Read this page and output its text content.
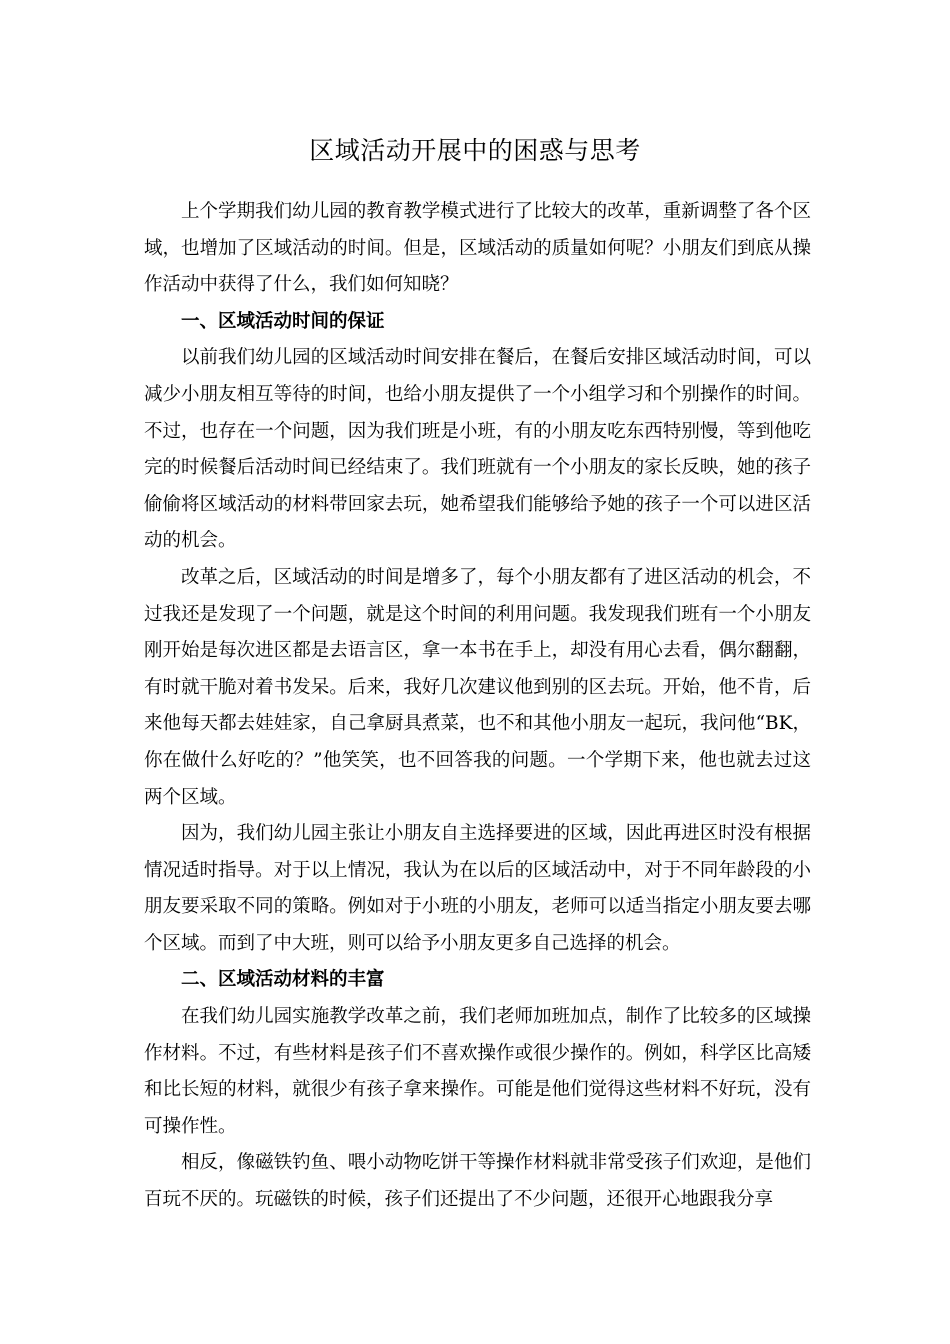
区域活动开展中的困惑与思考

上个学期我们幼儿园的教育教学模式进行了比较大的改革，重新调整了各个区域，也增加了区域活动的时间。但是，区域活动的质量如何呢？小朋友们到底从操作活动中获得了什么，我们如何知晓？

一、区域活动时间的保证

以前我们幼儿园的区域活动时间安排在餐后，在餐后安排区域活动时间，可以减少小朋友相互等待的时间，也给小朋友提供了一个小组学习和个别操作的时间。不过，也存在一个问题，因为我们班是小班，有的小朋友吃东西特别慢，等到他吃完的时候餐后活动时间已经结束了。我们班就有一个小朋友的家长反映，她的孩子偷偷将区域活动的材料带回家去玩，她希望我们能够给予她的孩子一个可以进区活动的机会。

改革之后，区域活动的时间是增多了，每个小朋友都有了进区活动的机会，不过我还是发现了一个问题，就是这个时间的利用问题。我发现我们班有一个小朋友刚开始是每次进区都是去语言区，拿一本书在手上，却没有用心去看，偶尔翻翻，有时就干脆对着书发呆。后来，我好几次建议他到别的区去玩。开始，他不肯，后来他每天都去娃娃家，自己拿厨具煮菜，也不和其他小朋友一起玩，我问他“BK，你在做什么好吃的？”他笑笑，也不回答我的问题。一个学期下来，他也就去过这两个区域。

因为，我们幼儿园主张让小朋友自主选择要进的区域，因此再进区时没有根据情况适时指导。对于以上情况，我认为在以后的区域活动中，对于不同年龄段的小朋友要采取不同的策略。例如对于小班的小朋友，老师可以适当指定小朋友要去哪个区域。而到了中大班，则可以给予小朋友更多自己选择的机会。

二、区域活动材料的丰富

在我们幼儿园实施教学改革之前，我们老师加班加点，制作了比较多的区域操作材料。不过，有些材料是孩子们不喜欢操作或很少操作的。例如，科学区比高矮和比长短的材料，就很少有孩子拿来操作。可能是他们觉得这些材料不好玩，没有可操作性。

相反，像磁铁钓鱼、喂小动物吃饼干等操作材料就非常受孩子们欢迎，是他们百玩不厌的。玩磁铁的时候，孩子们还提出了不少问题，还很开心地跟我分享
